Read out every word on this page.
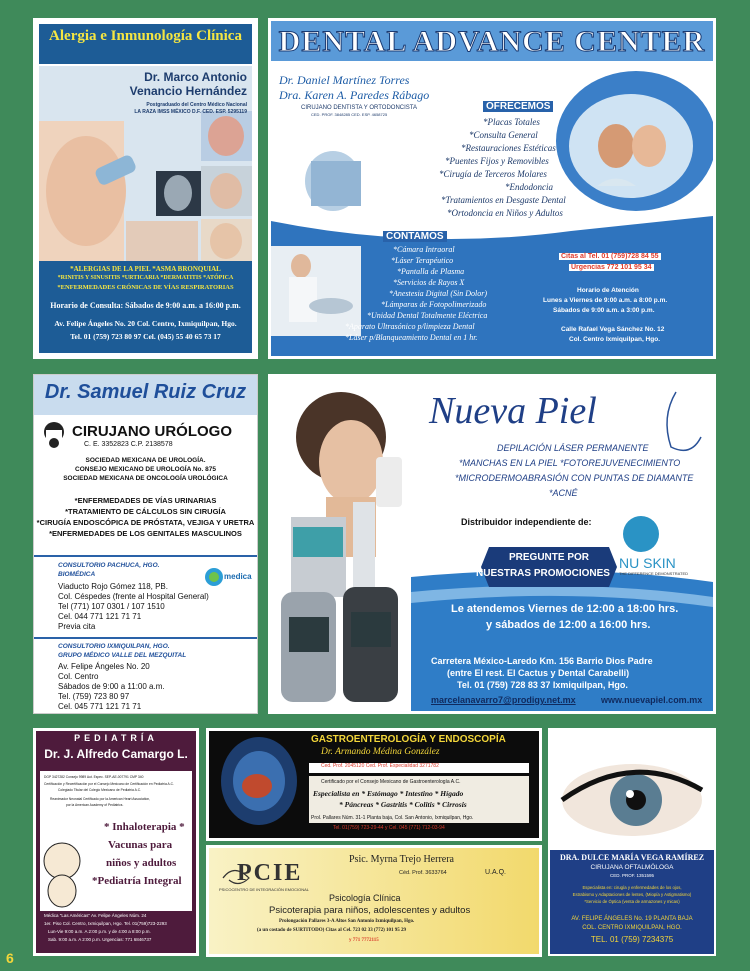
Alergia e Inmunología Clínica
Dr. Marco Antonio
Venancio Hernández
Postgraduado del Centro Médico Nacional
LA RAZA IMSS MÉXICO D.F. CED. ESP. 5295119
*ALERGIAS DE LA PIEL *ASMA BRONQUIAL
*RINITIS Y SINUSITIS *URTICARIA *DERMATITIS *ATÓPICA
*ENFERMEDADES CRÓNICAS DE VÍAS RESPIRATORIAS
Horario de Consulta: Sábados de 9:00 a.m. a 16:00 p.m.
Av. Felipe Ángeles No. 20 Col. Centro, Ixmiquilpan, Hgo.
Tel. 01 (759) 723 80 97 Cel. (045) 55 40 65 73 17
DENTAL ADVANCE CENTER
Dr. Daniel Martínez Torres
Dra. Karen A. Paredes Rábago
CIRUJANO DENTISTA Y ORTODONCISTA
CED. PROF. 3848285 CED. ESP. 4658725
OFRECEMOS
*Placas Totales
*Consulta General
*Restauraciones Estéticas
*Puentes Fijos y Removibles
*Cirugía de Terceros Molares
*Endodoncia
*Tratamientos en Desgaste Dental
*Ortodoncia en Niños y Adultos
CONTAMOS
*Cámara Intraoral
*Láser Terapéutico
*Pantalla de Plasma
*Servicios de Rayos X
*Anestesia Digital (Sin Dolor)
*Lámparas de Fotopolimerizado
*Unidad Dental Totalmente Eléctrica
*Aparato Ultrasónico p/limpieza Dental
*Láser p/Blanqueamiento Dental en 1 hr.
Citas al Tel. 01 (759)728 84 55
Urgencias 772 101 95 34
Horario de Atención
Lunes a Viernes de 9:00 a.m. a 8:00 p.m.
Sábados de 9:00 a.m. a 3:00 p.m.
Calle Rafael Vega Sánchez No. 12
Col. Centro Ixmiquilpan, Hgo.
Dr. Samuel Ruiz Cruz
CIRUJANO URÓLOGO
C. E. 3352823 C.P. 2138578
SOCIEDAD MEXICANA DE UROLOGÍA.
CONSEJO MEXICANO DE UROLOGÍA No. 875
SOCIEDAD MEXICANA DE ONCOLOGÍA UROLÓGICA
*ENFERMEDADES DE VÍAS URINARIAS
*TRATAMIENTO DE CÁLCULOS SIN CIRUGÍA
*CIRUGÍA ENDOSCÓPICA DE PRÓSTATA, VEJIGA Y URETRA
*ENFERMEDADES DE LOS GENITALES MASCULINOS
CONSULTORIO PACHUCA, HGO.
BIOMÉDICA	medica
Viaducto Rojo Gómez 118, PB.
Col. Céspedes (frente al Hospital General)
Tel (771) 107 0301 / 107 1510
Cel. 044 771 121 71 71
Previa cita
CONSULTORIO IXMIQUILPAN, HGO.
GRUPO MÉDICO VALLE DEL MEZQUITAL
Av. Felipe Ángeles No. 20
Col. Centro
Sábados de 9:00 a 11:00 a.m.
Tel. (759) 723 80 97
Cel. 045 771 121 71 71
Nueva Piel
DEPILACIÓN LÁSER PERMANENTE
*MANCHAS EN LA PIEL *FOTOREJUVENECIMIENTO
*MICRODERMOABRASIÓN CON PUNTAS DE DIAMANTE
*ACNÉ
Distribuidor independiente de:
PREGUNTE POR
NUESTRAS PROMOCIONES
NU SKIN
THE DIFFERENCE DEMONSTRATED
Le atendemos Viernes de 12:00 a 18:00 hrs.
y sábados de 12:00 a 16:00 hrs.
Carretera México-Laredo Km. 156 Barrio Dios Padre
(entre El rest. El Cactus y Dental Carabelli)
Tel. 01 (759) 728 83 37 Ixmiquilpan, Hgo.
marcelanavarro7@prodigy.net.mx	www.nuevapiel.com.mx
PEDIATRÍA
Dr. J. Alfredo Camargo L.
DGP 3427282 Consejo 9989 Aut. Espec. SEP-AE-007791 CMP 340
Certificación y Recertificación por el Consejo Mexicano de Certificación en Pediatría A.C.
Colegiado Titular del Colegio Mexicano de Pediatría A.C.
Reanimador Neonatal Certificado por la American Heart Association,
por la American Academy of Pediatrics.
* Inhaloterapia *
Vacunas para
niños y adultos
*Pediatría Integral
Médica "Las Américas" Av. Felipe Ángeles Núm. 24
1er. Piso Col. Centro, Ixmiquilpan, Hgo. Tel. 01(759)723-2293
Lun-Vie 9:00 a.m. A 2:00 p.m. y de 4:00 a 8:00 p.m.
Sab. 9:00 a.m. A 2:00 p.m. Urgencias: 771 6846737
GASTROENTEROLOGÍA Y ENDOSCOPÍA
Dr. Armando Médina González
Ced. Prof. 2045120 Ced. Prof. Especialidad 3271782
Certificado por el Consejo Mexicano de Gastroenterología A.C.
Especialista en * Estómago * Intestino * Hígado
* Páncreas * Gastritis * Colitis * Cirrosis
Prol. Pallares Núm. 31-1 Planta baja, Col. San Antonio, Ixmiquilpan, Hgo.
Tel. 01(759) 723-29-44 y Cel. 045 (771) 712-03-94
PCIE
PSICOCENTRO DE INTEGRACIÓN EMOCIONAL
Psic. Myrna Trejo Herrera
Céd. Prof. 3633764	U.A.Q.
Psicología Clínica
Psicoterapia para niños, adolescentes y adultos
Prolongación Pallares 3-A Altos San Antonio Ixmiquilpan, Hgo.
(a un costado de SURTITODO) Citas al Cel. 723 02 33 (772) 101 95 29
y 771 7772115
DRA. DULCE MARÍA VEGA RAMÍREZ
CIRUJANA OFTALMÓLOGA
CED. PROF. 1351595
Especialista en: cirugía y enfermedades de los ojos,
Estrabismo y Adaptaciones de lentes, (Miopía y Astigmatismo)
*Servicio de Óptica (venta de armazones y micas)
AV. FELIPE ÁNGELES No. 19 PLANTA BAJA
COL. CENTRO IXMIQUILPAN, HGO.
TEL. 01 (759) 7234375
6
